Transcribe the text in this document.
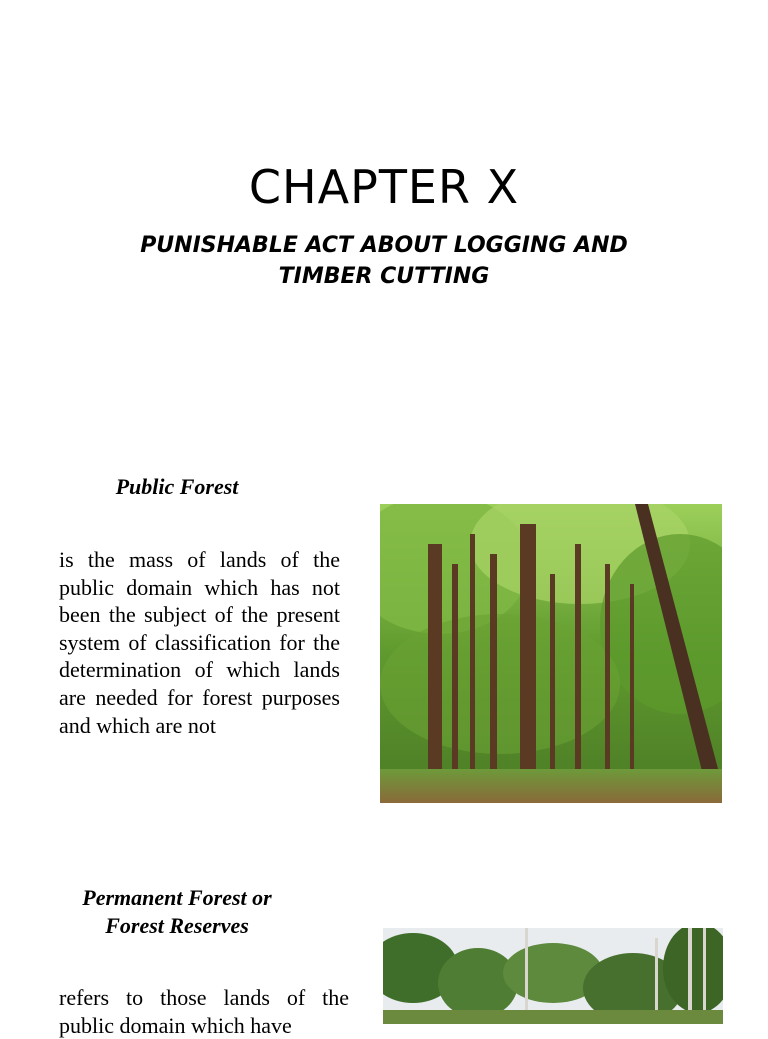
CHAPTER X
PUNISHABLE ACT ABOUT LOGGING AND TIMBER CUTTING
Public Forest

is the mass of lands of the public domain which has not been the subject of the present system of classification for the determination of which lands are needed for forest purposes and which are not

Permanent Forest or Forest Reserves

refers to those lands of the public domain which have
